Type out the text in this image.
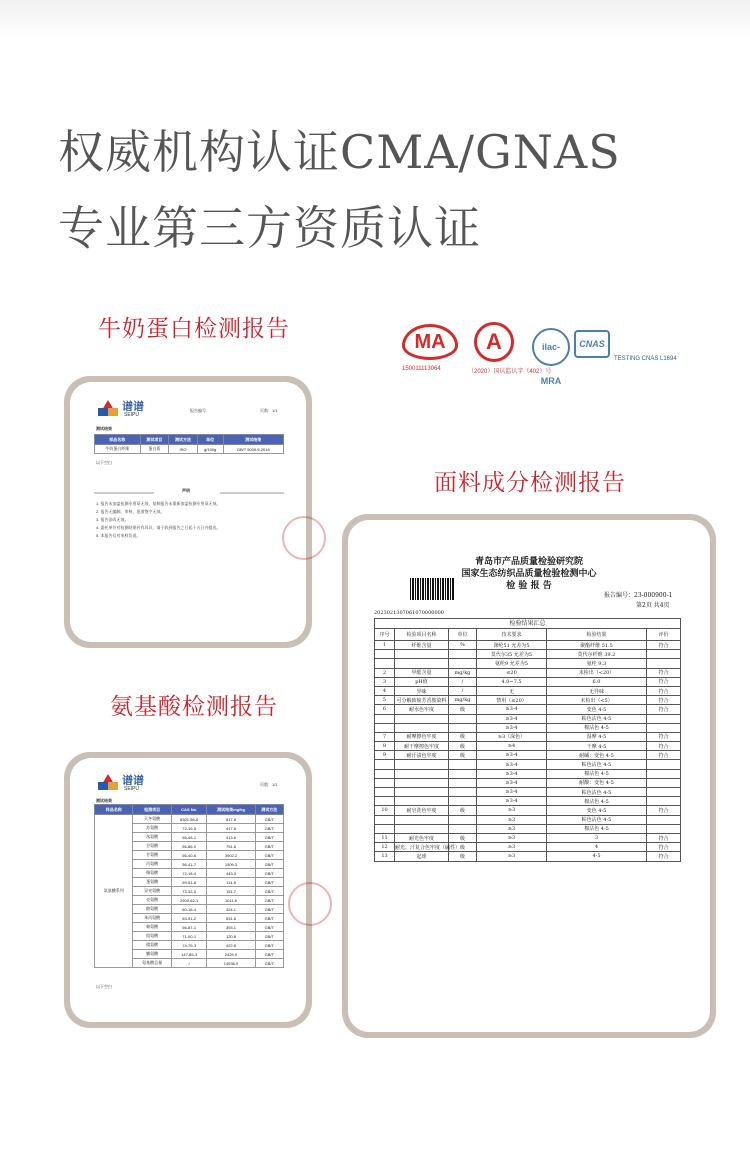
权威机构认证CMA/GNAS
专业第三方资质认证
牛奶蛋白检测报告	MA
150011113064
A
（2020）国认监认字（402）号
ilac-MRA
CNAS
TESTING CNAS L1694
谱谱
SEIPU
报告编号：	页数：1/1
测试结果
样品名称	测试项目	测试方法	单位	测试结果
牛奶蛋白纤维	蛋白质	ISO	g/100g	GB/T 5009.5-2016
以下空白
声明
1. 报告未加盖检测专用章无效，复制报告未重新加盖检测专用章无效。
2. 报告无编制、审核、批准签字无效。
3. 报告涂改无效。
4. 委托单位对检测结果若有异议，请于收到报告之日起十五日内提出。
5. 本报告仅对来样负责。
面料成分检测报告
氨基酸检测报告
谱谱
SEIPU
页数：1/1
测试结果
样品名称	检测项目	CAS No.	测试结果mg/kg	测试方法
氨基酸系列	天冬氨酸	6301-56-6	817.8	GB/T
	苏氨酸	72-19-5	417.8	GB/T
	丝氨酸	56-45-1	413.6	GB/T
	谷氨酸	56-86-0	751.6	GB/T
	甘氨酸	56-40-6	3902.2	GB/T
	丙氨酸	56-41-7	1509.3	GB/T
	缬氨酸	72-18-4	443.3	GB/T
	蛋氨酸	59-51-8	114.8	GB/T
	异亮氨酸	73-32-5	151.7	GB/T
	亮氨酸	2900-62-1	1011.6	GB/T
	酪氨酸	60-18-4	424.1	GB/T
	苯丙氨酸	63-91-2	531.6	GB/T
	赖氨酸	56-87-1	393.1	GB/T
	组氨酸	71-00-1	120.8	GB/T
	精氨酸	74-79-3	422.6	GB/T
	脯氨酸	147-85-3	2429.0	GB/T
	氨基酸总量	/	14536.9	GB/T
以下空白
青岛市产品质量检验研究院
国家生态纺织品质量检验检测中心
检 验 报 告
报告编号：23-000900-1
第2页 共4页
2023021307061070000000
检验结果汇总
序号	检验项目名称	单位	技术要求	检验结果	评价
1	纤维含量	%	涤纶51 允差为5	聚酯纤维 51.5	符合
			莫代尔35 允差为5	莫代尔纤维 39.2	
			氨纶9 允差为5	氨纶 9.3	
2	甲醛含量	mg/kg	≤20	未检出（<20）	符合
3	pH值	/	4.0~7.5	6.0	符合
4	异味	/	无	无异味	符合
5	可分解致癌芳香胺染料	mg/kg	禁用（≤20）	未检出（<5）	符合
6	耐水色牢度	级	≥3-4	变色 4-5	符合
			≥3-4	粘色沾色 4-5	
			≥3-4	棉沾色 4-5	
7	耐摩擦色牢度	级	≥3（深色）	湿摩 4-5	符合
8	耐干摩擦色牢度	级	≥4	干摩 4-5	符合
9	耐汗渍色牢度	级	≥3-4	耐碱：变色 4-5	符合
			≥3-4	粘色沾色 4-5	
			≥3-4	棉沾色 4-5	
			≥3-4	耐酸：变色 4-5	
			≥3-4	粘色沾色 4-5	
			≥3-4	棉沾色 4-5	
10	耐皂洗色牢度	级	≥3	变色 4-5	符合
			≥3	粘色沾色 4-5	
			≥3	棉沾色 4-5	
11	耐光色牢度	级	≥3	3	符合
12	耐光、汗复合色牢度（碱性）	级	≥3	4	符合
13	起球	级	≥3	4-5	符合
